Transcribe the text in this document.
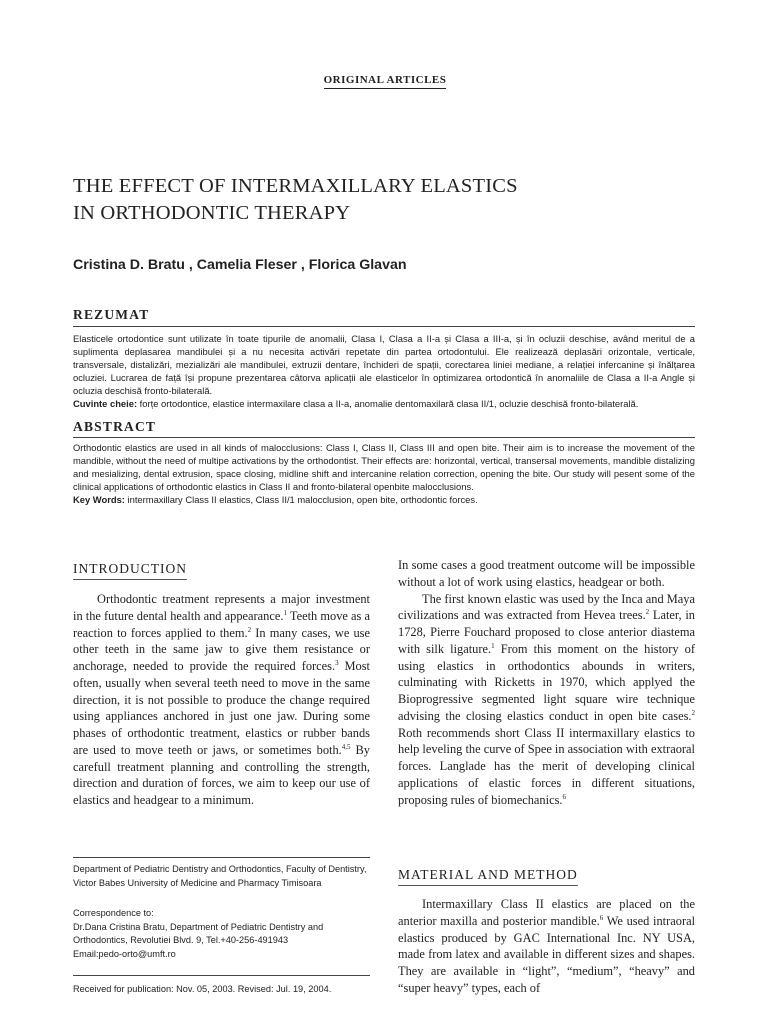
ORIGINAL ARTICLES
THE EFFECT OF INTERMAXILLARY ELASTICS
IN ORTHODONTIC THERAPY
Cristina D. Bratu , Camelia Fleser , Florica Glavan
REZUMAT
Elasticele ortodontice sunt utilizate în toate tipurile de anomalii, Clasa I, Clasa a II-a și Clasa a III-a, și în ocluzii deschise, având meritul de a suplimenta deplasarea mandibulei și a nu necesita activări repetate din partea ortodontului. Ele realizează deplasări orizontale, verticale, transversale, distalizări, mezializări ale mandibulei, extruzii dentare, închideri de spații, corectarea liniei mediane, a relației infercanine și înălțarea ocluziei. Lucrarea de față își propune prezentarea câtorva aplicații ale elasticelor în optimizarea ortodontică în anomaliile de Clasa a II-a Angle și ocluzia deschisă fronto-bilaterală.
Cuvinte cheie: forțe ortodontice, elastice intermaxilare clasa a II-a, anomalie dentomaxilară clasa II/1, ocluzie deschisă fronto-bilaterală.
ABSTRACT
Orthodontic elastics are used in all kinds of malocclusions: Class I, Class II, Class III and open bite. Their aim is to increase the movement of the mandible, without the need of multipe activations by the orthodontist. Their effects are: horizontal, vertical, transersal movements, mandible distalizing and mesializing, dental extrusion, space closing, midline shift and intercanine relation correction, opening the bite. Our study will pesent some of the clinical applications of orthodontic elastics in Class II and fronto-bilateral openbite malocclusions.
Key Words: intermaxillary Class II elastics, Class II/1 malocclusion, open bite, orthodontic forces.
INTRODUCTION

Orthodontic treatment represents a major investment in the future dental health and appearance.$^1$ Teeth move as a reaction to forces applied to them.$^2$ In many cases, we use other teeth in the same jaw to give them resistance or anchorage, needed to provide the required forces.$^3$ Most often, usually when several teeth need to move in the same direction, it is not possible to produce the change required using appliances anchored in just one jaw. During some phases of orthodontic treatment, elastics or rubber bands are used to move teeth or jaws, or sometimes both.$^{4,5}$ By carefull treatment planning and controlling the strength, direction and duration of forces, we aim to keep our use of elastics and headgear to a minimum.

Department of Pediatric Dentistry and Orthodontics, Faculty of Dentistry,
Victor Babes University of Medicine and Pharmacy Timisoara
Correspondence to:
Dr.Dana Cristina Bratu, Department of Pediatric Dentistry and
Orthodontics, Revolutiei Blvd. 9, Tel.+40-256-491943
Email:pedo-orto@umft.ro
Received for publication: Nov. 05, 2003. Revised: Jul. 19, 2004.

In some cases a good treatment outcome will be impossible without a lot of work using elastics, headgear or both.

The first known elastic was used by the Inca and Maya civilizations and was extracted from Hevea trees.$^2$ Later, in 1728, Pierre Fouchard proposed to close anterior diastema with silk ligature.$^1$ From this moment on the history of using elastics in orthodontics abounds in writers, culminating with Ricketts in 1970, which applyed the Bioprogressive segmented light square wire technique advising the closing elastics conduct in open bite cases.$^2$ Roth recommends short Class II intermaxillary elastics to help leveling the curve of Spee in association with extraoral forces. Langlade has the merit of developing clinical applications of elastic forces in different situations, proposing rules of biomechanics.$^6$

MATERIAL AND METHOD

Intermaxillary Class II elastics are placed on the anterior maxilla and posterior mandible.$^6$ We used intraoral elastics produced by GAC International Inc. NY USA, made from latex and available in different sizes and shapes. They are available in “light”, “medium”, “heavy” and “super heavy” types, each of
